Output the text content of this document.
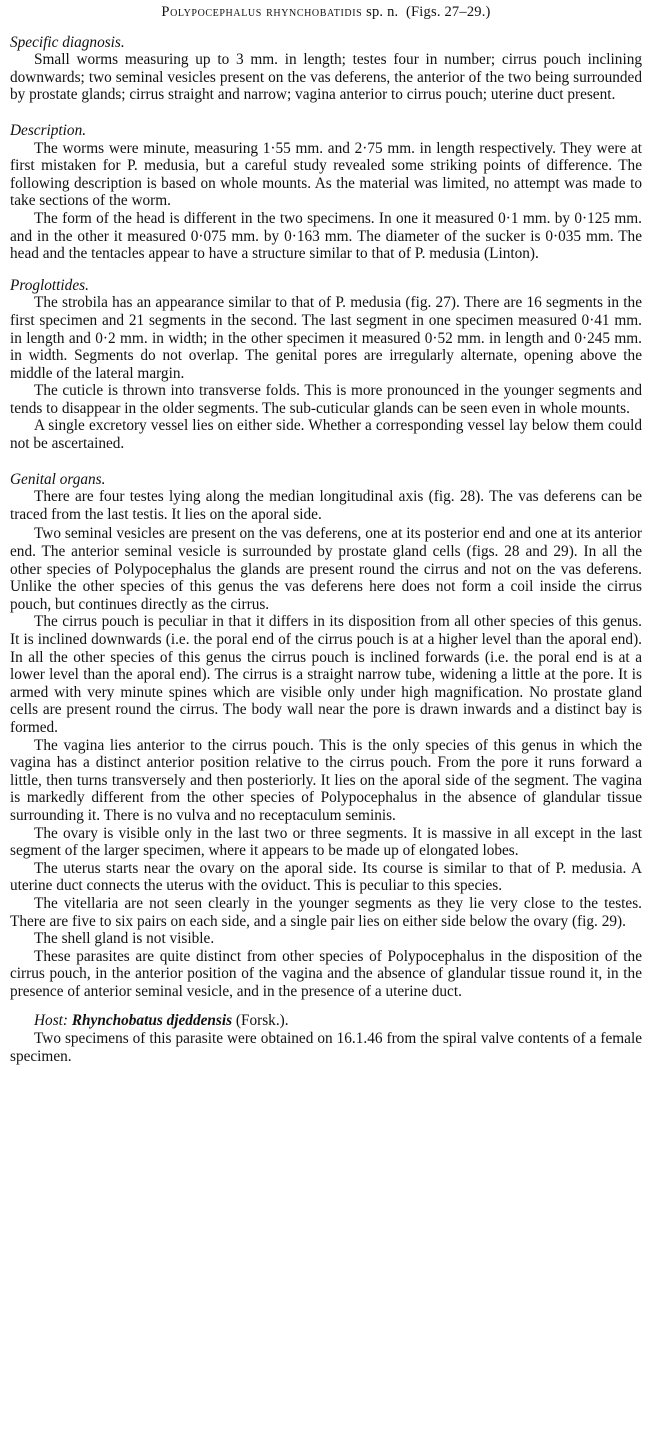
Polypocephalus rhynchobatidis sp. n. (Figs. 27–29.)
Specific diagnosis.

Small worms measuring up to 3 mm. in length; testes four in number; cirrus pouch inclining downwards; two seminal vesicles present on the vas deferens, the anterior of the two being surrounded by prostate glands; cirrus straight and narrow; vagina anterior to cirrus pouch; uterine duct present.

Description.

The worms were minute, measuring 1·55 mm. and 2·75 mm. in length respectively. They were at first mistaken for P. medusia, but a careful study revealed some striking points of difference. The following description is based on whole mounts. As the material was limited, no attempt was made to take sections of the worm.

The form of the head is different in the two specimens. In one it measured 0·1 mm. by 0·125 mm. and in the other it measured 0·075 mm. by 0·163 mm. The diameter of the sucker is 0·035 mm. The head and the tentacles appear to have a structure similar to that of P. medusia (Linton).

Proglottides.

The strobila has an appearance similar to that of P. medusia (fig. 27). There are 16 segments in the first specimen and 21 segments in the second. The last segment in one specimen measured 0·41 mm. in length and 0·2 mm. in width; in the other specimen it measured 0·52 mm. in length and 0·245 mm. in width. Segments do not overlap. The genital pores are irregularly alternate, opening above the middle of the lateral margin.

The cuticle is thrown into transverse folds. This is more pronounced in the younger segments and tends to disappear in the older segments. The sub-cuticular glands can be seen even in whole mounts.

A single excretory vessel lies on either side. Whether a corresponding vessel lay below them could not be ascertained.

Genital organs.

There are four testes lying along the median longitudinal axis (fig. 28). The vas deferens can be traced from the last testis. It lies on the aporal side.

Two seminal vesicles are present on the vas deferens, one at its posterior end and one at its anterior end. The anterior seminal vesicle is surrounded by prostate gland cells (figs. 28 and 29). In all the other species of Polypocephalus the glands are present round the cirrus and not on the vas deferens. Unlike the other species of this genus the vas deferens here does not form a coil inside the cirrus pouch, but continues directly as the cirrus.

The cirrus pouch is peculiar in that it differs in its disposition from all other species of this genus. It is inclined downwards (i.e. the poral end of the cirrus pouch is at a higher level than the aporal end). In all the other species of this genus the cirrus pouch is inclined forwards (i.e. the poral end is at a lower level than the aporal end). The cirrus is a straight narrow tube, widening a little at the pore. It is armed with very minute spines which are visible only under high magnification. No prostate gland cells are present round the cirrus. The body wall near the pore is drawn inwards and a distinct bay is formed.

The vagina lies anterior to the cirrus pouch. This is the only species of this genus in which the vagina has a distinct anterior position relative to the cirrus pouch. From the pore it runs forward a little, then turns transversely and then posteriorly. It lies on the aporal side of the segment. The vagina is markedly different from the other species of Polypocephalus in the absence of glandular tissue surrounding it. There is no vulva and no receptaculum seminis.

The ovary is visible only in the last two or three segments. It is massive in all except in the last segment of the larger specimen, where it appears to be made up of elongated lobes.

The uterus starts near the ovary on the aporal side. Its course is similar to that of P. medusia. A uterine duct connects the uterus with the oviduct. This is peculiar to this species.

The vitellaria are not seen clearly in the younger segments as they lie very close to the testes. There are five to six pairs on each side, and a single pair lies on either side below the ovary (fig. 29).

The shell gland is not visible.

These parasites are quite distinct from other species of Polypocephalus in the disposition of the cirrus pouch, in the anterior position of the vagina and the absence of glandular tissue round it, in the presence of anterior seminal vesicle, and in the presence of a uterine duct.

Host: Rhynchobatus djeddensis (Forsk.).

Two specimens of this parasite were obtained on 16.1.46 from the spiral valve contents of a female specimen.
